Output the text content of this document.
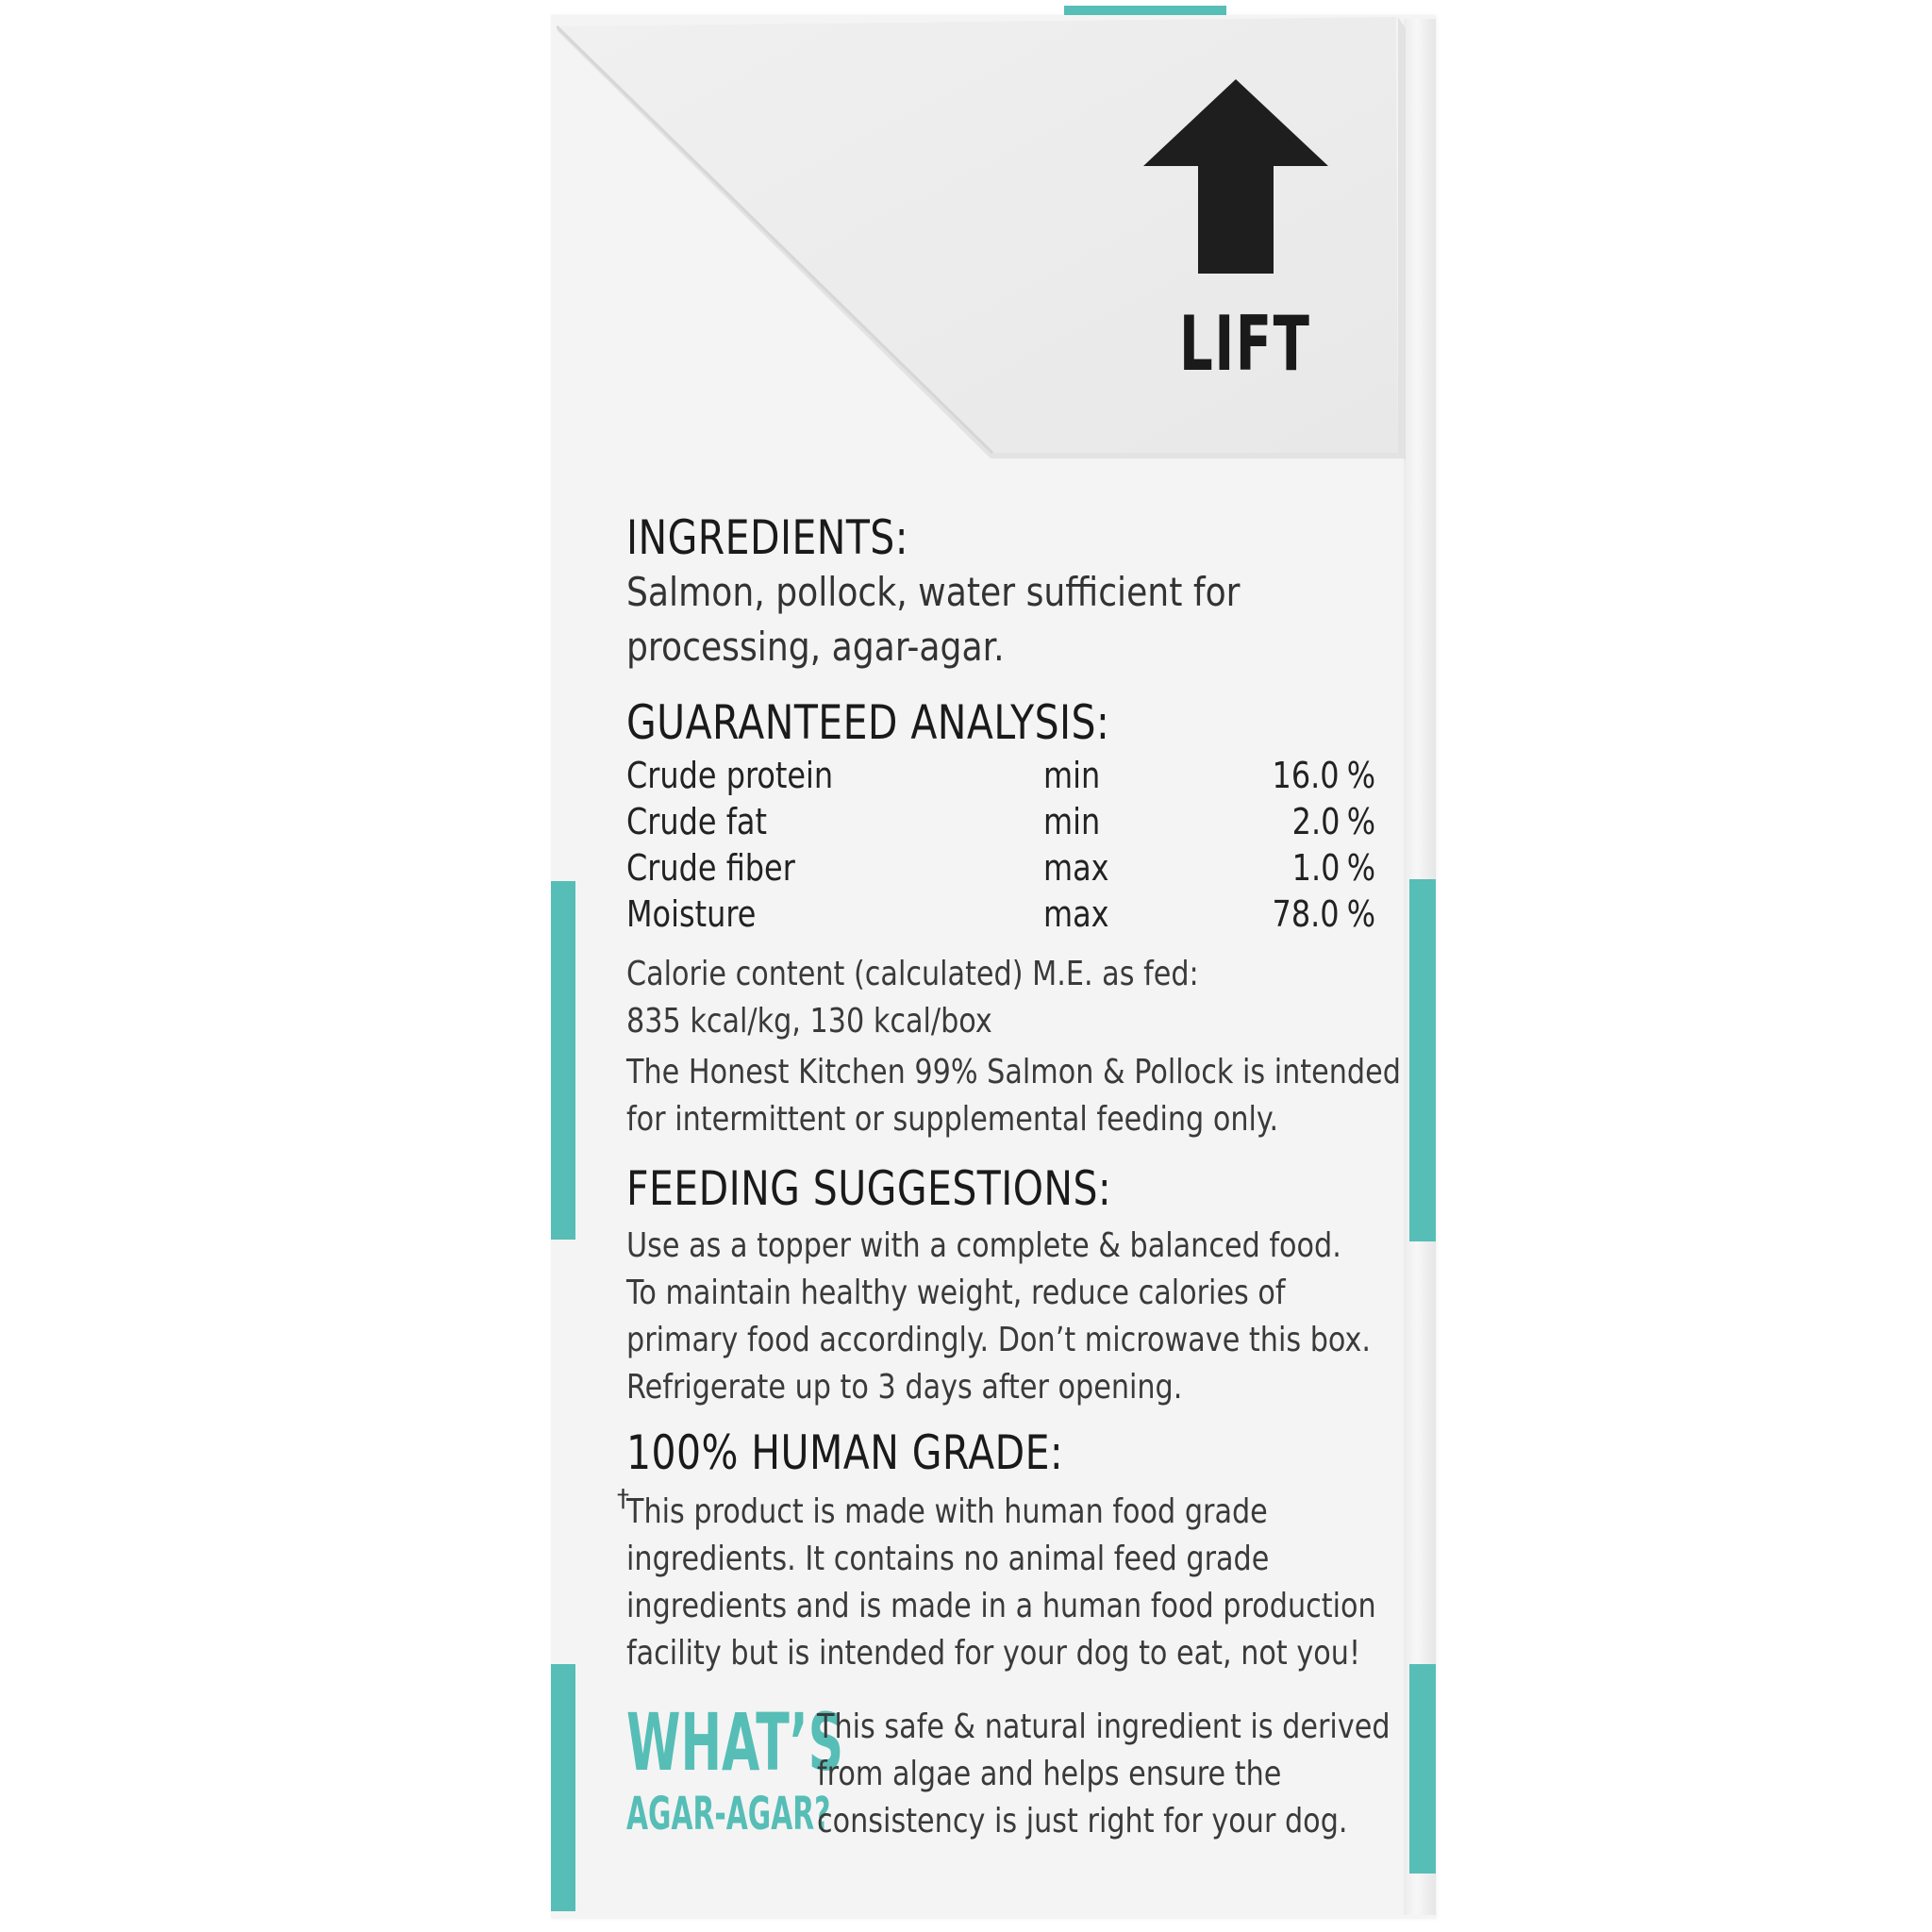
LIFT
INGREDIENTS:
Salmon, pollock, water sufficient for
processing, agar-agar.
GUARANTEED ANALYSIS:
Crude protein	min	16.0 %
Crude fat	min	2.0 %
Crude fiber	max	1.0 %
Moisture	max	78.0 %
Calorie content (calculated) M.E. as fed:
835 kcal/kg, 130 kcal/box
The Honest Kitchen 99% Salmon & Pollock is intended
for intermittent or supplemental feeding only.
FEEDING SUGGESTIONS:
Use as a topper with a complete & balanced food.
To maintain healthy weight, reduce calories of
primary food accordingly. Don’t microwave this box.
Refrigerate up to 3 days after opening.
100% HUMAN GRADE:
†
This product is made with human food grade
ingredients. It contains no animal feed grade
ingredients and is made in a human food production
facility but is intended for your dog to eat, not you!
WHAT’S
AGAR-AGAR?
This safe & natural ingredient is derived
from algae and helps ensure the
consistency is just right for your dog.
